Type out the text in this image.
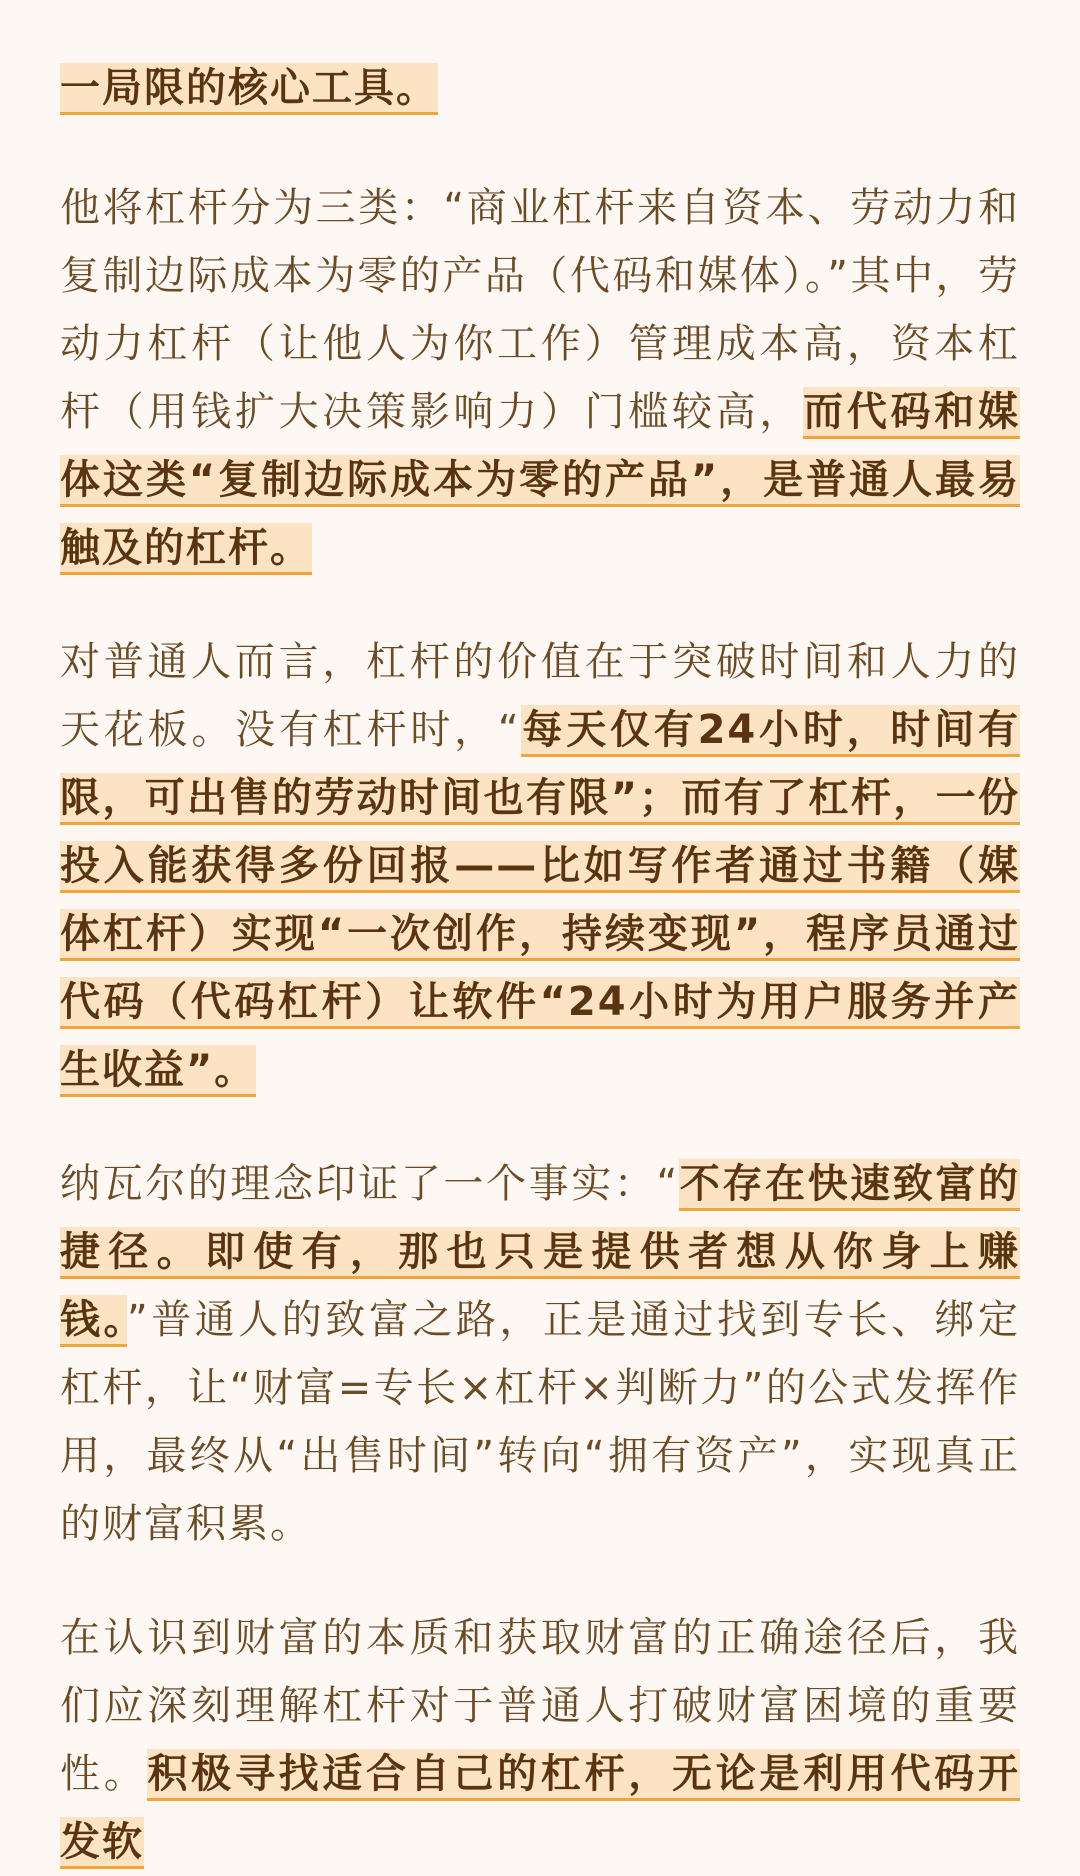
一局限的核心工具。

他将杠杆分为三类：“商业杠杆来自资本、劳动力和复制边际成本为零的产品（代码和媒体）。”其中，劳动力杠杆（让他人为你工作）管理成本高，资本杠杆（用钱扩大决策影响力）门槛较高，而代码和媒体这类“复制边际成本为零的产品”，是普通人最易触及的杠杆。

对普通人而言，杠杆的价值在于突破时间和人力的天花板。没有杠杆时，“每天仅有24小时，时间有限，可出售的劳动时间也有限”；而有了杠杆，一份投入能获得多份回报——比如写作者通过书籍（媒体杠杆）实现“一次创作，持续变现”，程序员通过代码（代码杠杆）让软件“24小时为用户服务并产生收益”。

纳瓦尔的理念印证了一个事实：“不存在快速致富的捷径。即使有，那也只是提供者想从你身上赚钱。”普通人的致富之路，正是通过找到专长、绑定杠杆，让“财富=专长×杠杆×判断力”的公式发挥作用，最终从“出售时间”转向“拥有资产”，实现真正的财富积累。

在认识到财富的本质和获取财富的正确途径后，我们应深刻理解杠杆对于普通人打破财富困境的重要性。积极寻找适合自己的杠杆，无论是利用代码开发软
